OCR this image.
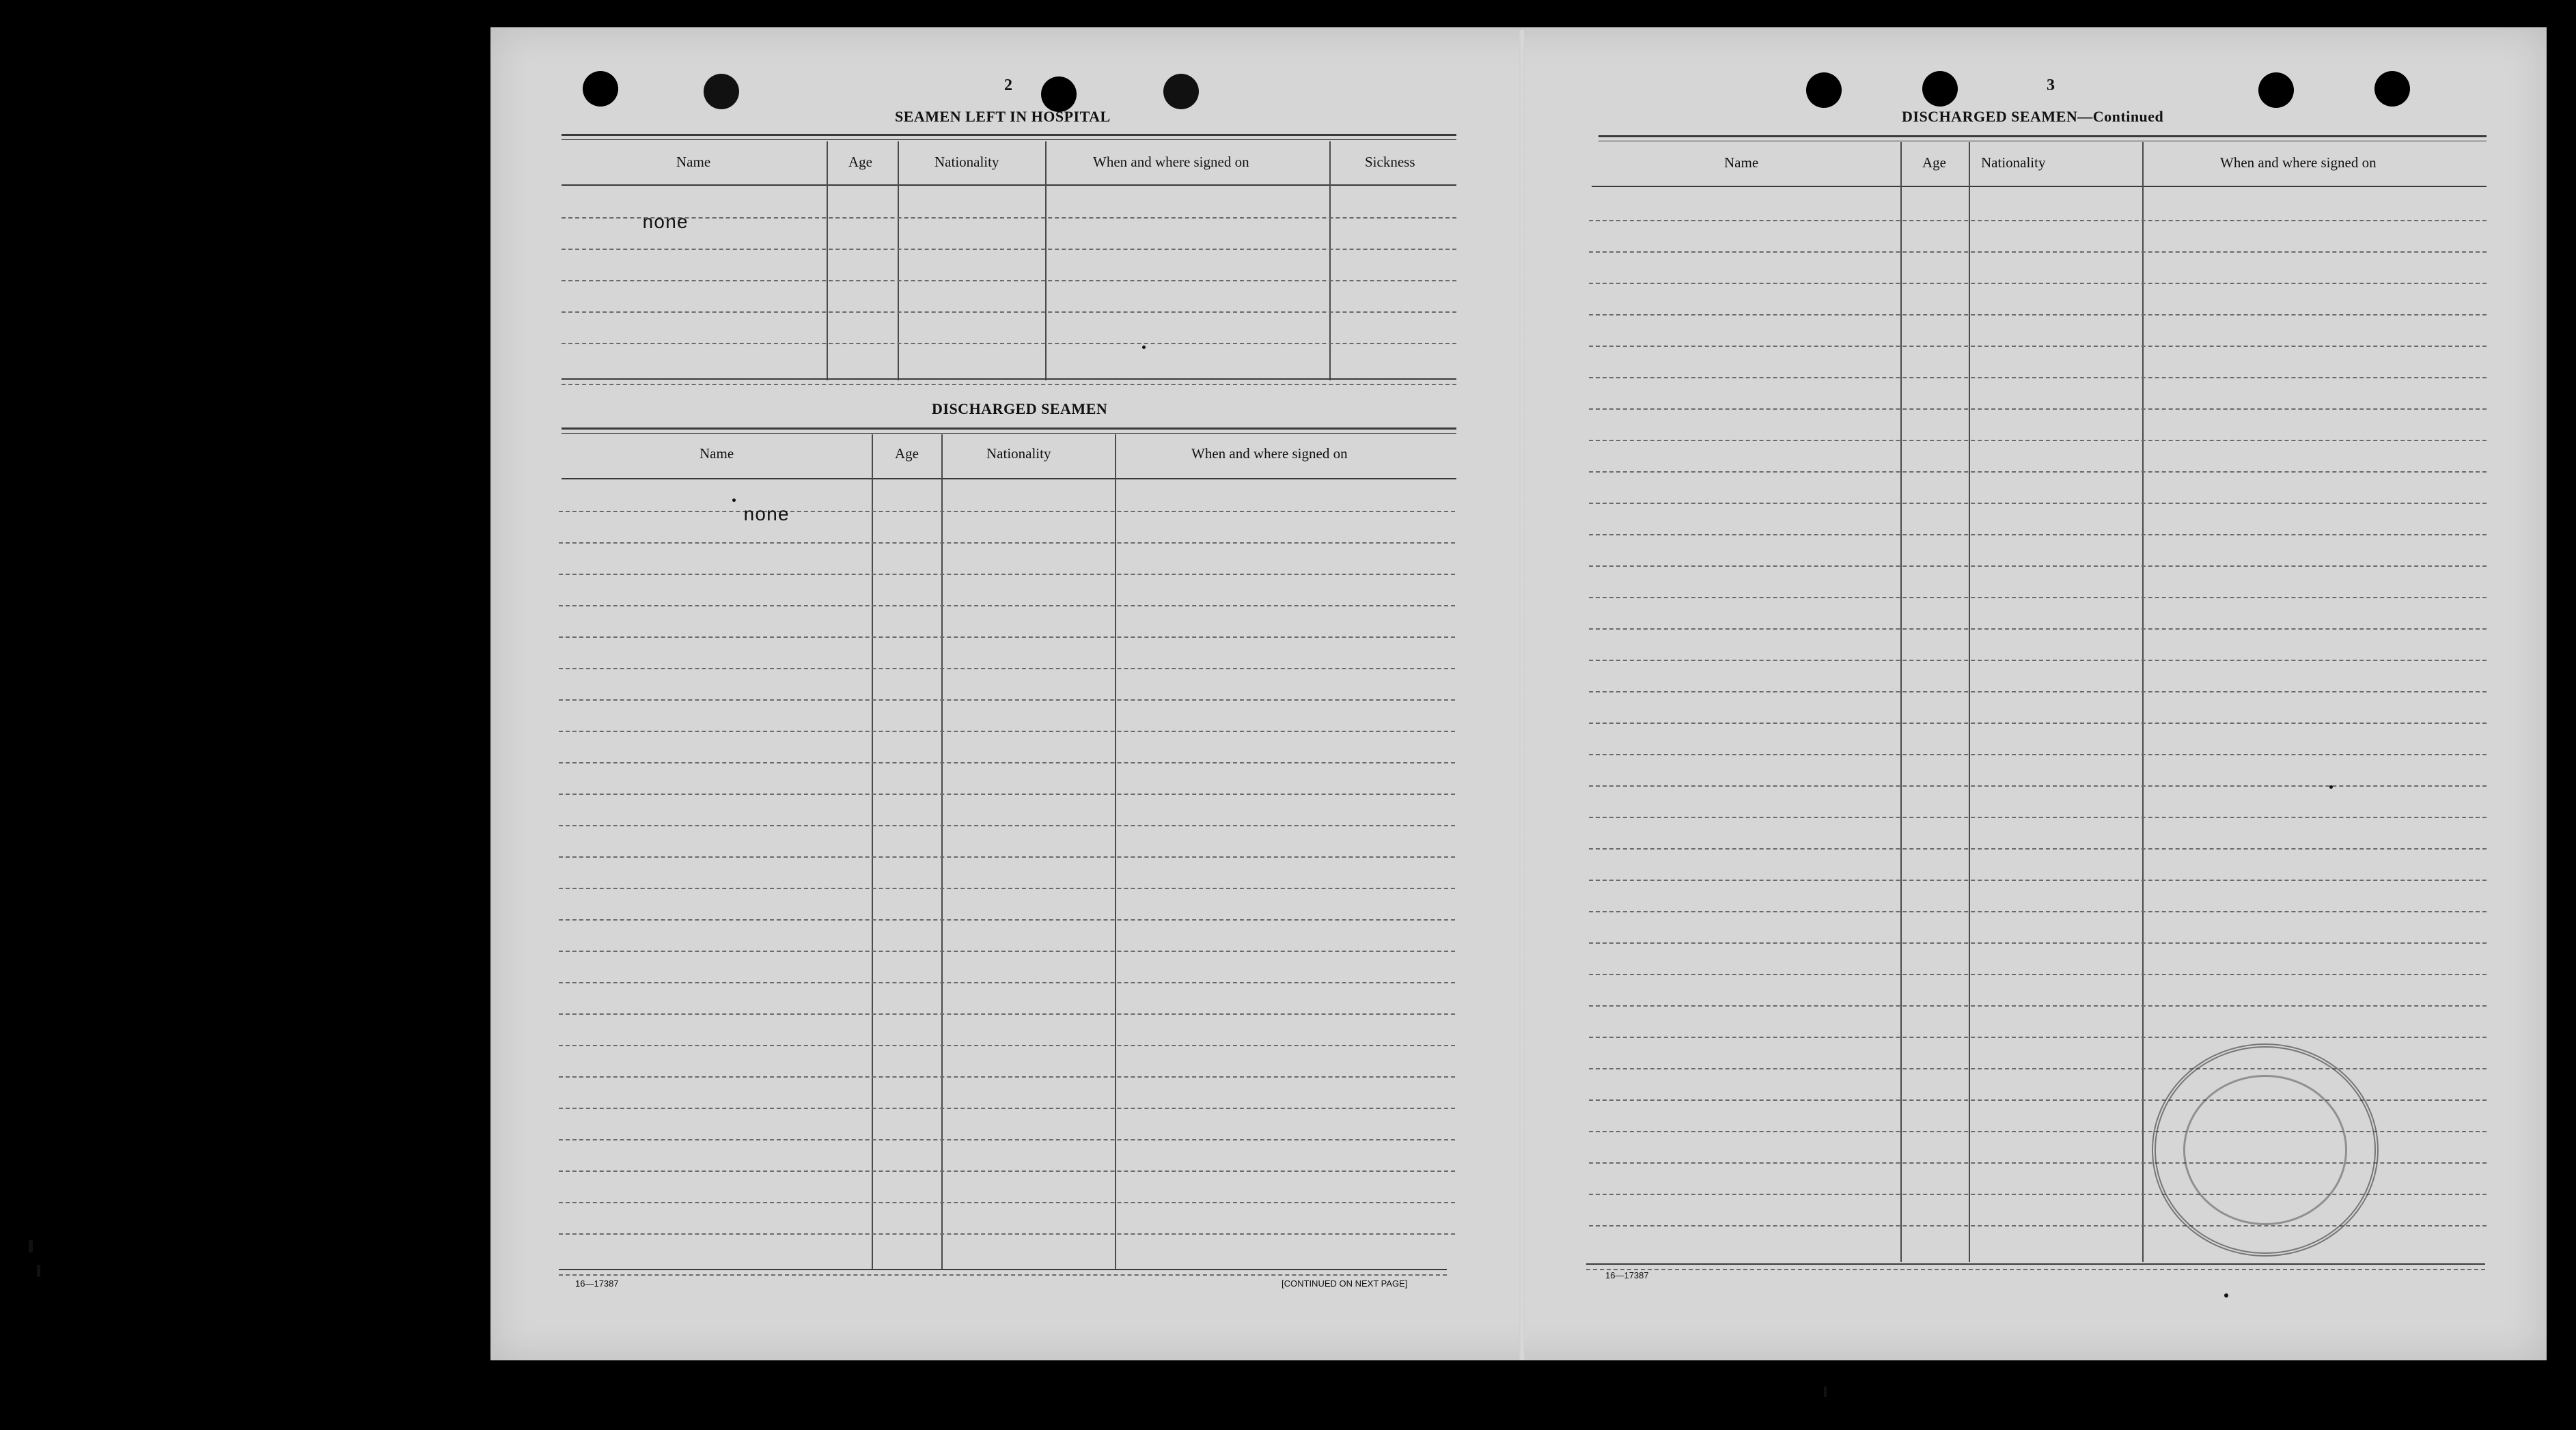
2
SEAMEN LEFT IN HOSPITAL
Name	Age	Nationality	When and where signed on	Sickness
none
DISCHARGED SEAMEN
Name	Age	Nationality	When and where signed on
none
16—17387	[CONTINUED ON NEXT PAGE]
3
DISCHARGED SEAMEN—Continued
Name	Age Nationality	When and where signed on
16—17387
